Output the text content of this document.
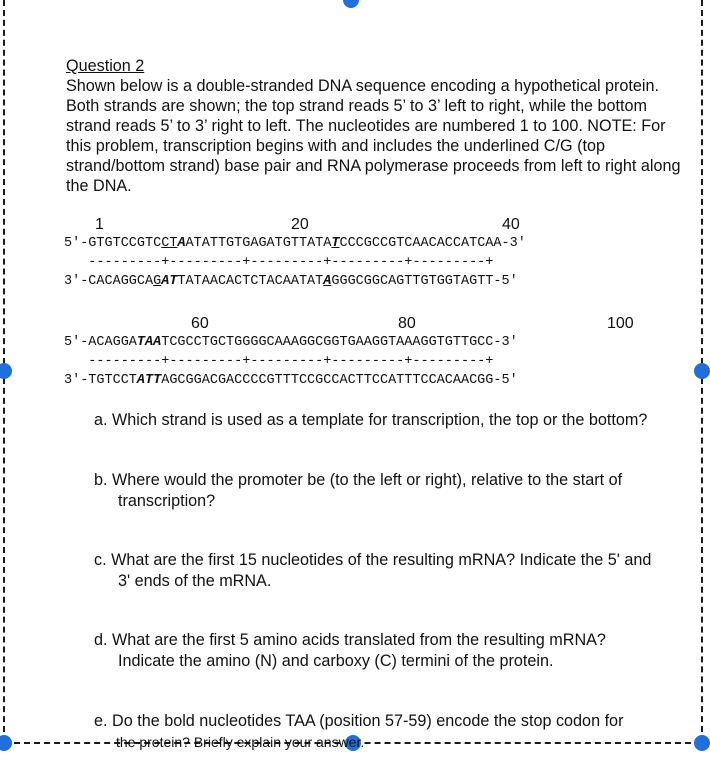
Question 2

Shown below is a double-stranded DNA sequence encoding a hypothetical protein. Both strands are shown; the top strand reads 5’ to 3’ left to right, while the bottom strand reads 5’ to 3’ right to left. The nucleotides are numbered 1 to 100. NOTE: For this problem, transcription begins with and includes the underlined C/G (top strand/bottom strand) base pair and RNA polymerase proceeds from left to right along the DNA.

1	20	40
5'-GTGTCCGTCCTAATATTGTGAGATGTTATATCCCGCCGTCAACACCATCAA-3'
---------+---------+---------+---------+---------+
3'-CACAGGCAGATTATAACACTCTACAATATAGGGCGGCAGTTGTGGTAGTT-5'
60	80	100
5'-ACAGGATAATCGCCTGCTGGGGCAAAGGCGGTGAAGGTAAAGGTGTTGCC-3'
---------+---------+---------+---------+---------+
3'-TGTCCTATTAGCGGACGACCCCGTTTCCGCCACTTCCATTTCCACAACGG-5'
a. Which strand is used as a template for transcription, the top or the bottom?
b. Where would the promoter be (to the left or right), relative to the start of
transcription?
c. What are the first 15 nucleotides of the resulting mRNA? Indicate the 5' and
3' ends of the mRNA.
d. What are the first 5 amino acids translated from the resulting mRNA?
Indicate the amino (N) and carboxy (C) termini of the protein.
e. Do the bold nucleotides TAA (position 57-59) encode the stop codon for
the protein? Briefly explain your answer.
